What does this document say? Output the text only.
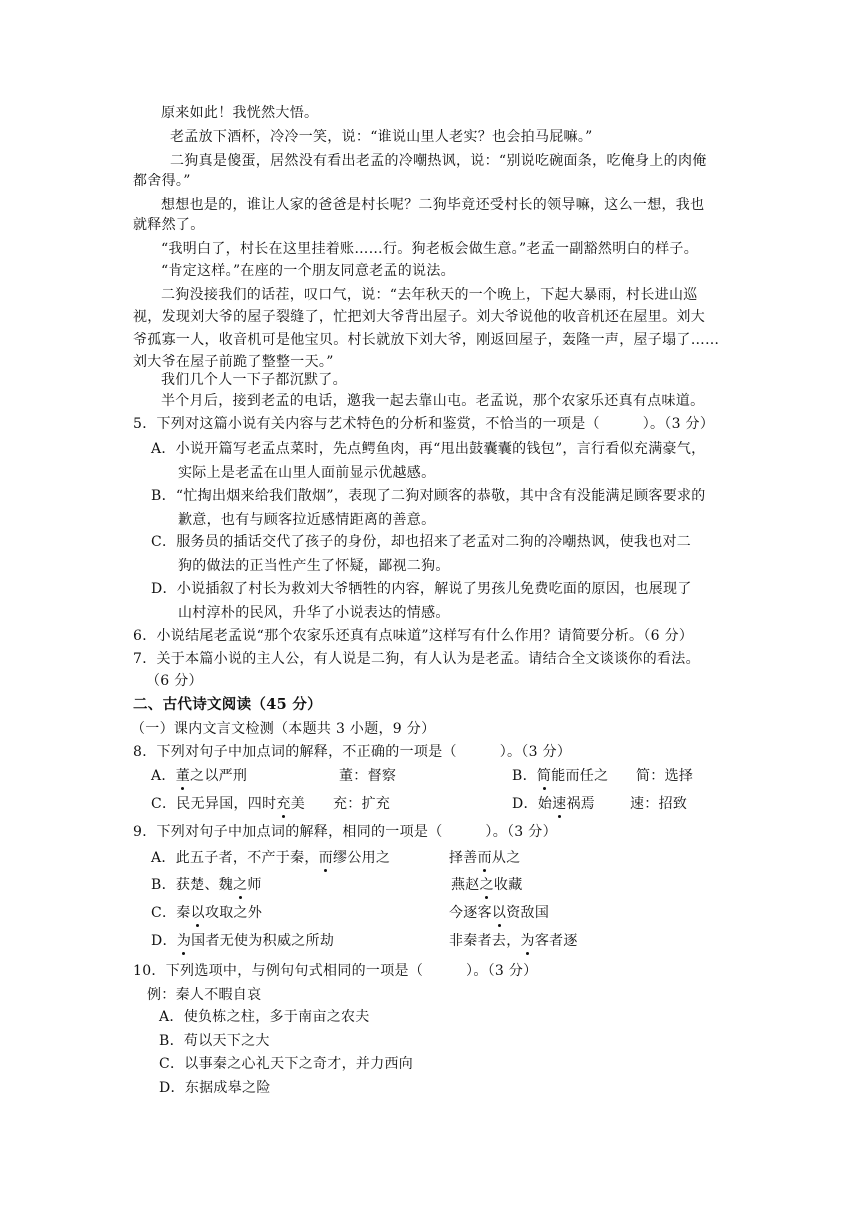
原来如此！我恍然大悟。
老孟放下酒杯，冷冷一笑，说：“谁说山里人老实？也会拍马屁嘛。”
二狗真是傻蛋，居然没有看出老孟的冷嘲热讽，说：“别说吃碗面条，吃俺身上的肉俺
都舍得。”
想想也是的，谁让人家的爸爸是村长呢？二狗毕竟还受村长的领导嘛，这么一想，我也
就释然了。
“我明白了，村长在这里挂着账……行。狗老板会做生意。”老孟一副豁然明白的样子。
“肯定这样。”在座的一个朋友同意老孟的说法。
二狗没接我们的话茬，叹口气，说：“去年秋天的一个晚上，下起大暴雨，村长进山巡
视，发现刘大爷的屋子裂缝了，忙把刘大爷背出屋子。刘大爷说他的收音机还在屋里。刘大
爷孤寡一人，收音机可是他宝贝。村长就放下刘大爷，刚返回屋子，轰隆一声，屋子塌了……
刘大爷在屋子前跪了整整一天。”
我们几个人一下子都沉默了。
半个月后，接到老孟的电话，邀我一起去靠山屯。老孟说，那个农家乐还真有点味道。
5．下列对这篇小说有关内容与艺术特色的分析和鉴赏，不恰当的一项是（　　　）。（3 分）
A．小说开篇写老孟点菜时，先点鳄鱼肉，再“甩出鼓囊囊的钱包”，言行看似充满豪气，
实际上是老孟在山里人面前显示优越感。
B．“忙掏出烟来给我们散烟”，表现了二狗对顾客的恭敬，其中含有没能满足顾客要求的
歉意，也有与顾客拉近感情距离的善意。
C．服务员的插话交代了孩子的身份，却也招来了老孟对二狗的冷嘲热讽，使我也对二
狗的做法的正当性产生了怀疑，鄙视二狗。
D．小说插叙了村长为救刘大爷牺牲的内容，解说了男孩儿免费吃面的原因，也展现了
山村淳朴的民风，升华了小说表达的情感。
6．小说结尾老孟说“那个农家乐还真有点味道”这样写有什么作用？请简要分析。（6 分）
7．关于本篇小说的主人公，有人说是二狗，有人认为是老孟。请结合全文谈谈你的看法。
（6 分）
二、古代诗文阅读（45 分）
（一）课内文言文检测（本题共 3 小题，9 分）
8．下列对句子中加点词的解释，不正确的一项是（　　　）。（3 分）
A．董之以严刑	董：督察	B．简能而任之 简：选择
C．民无异国，四时充美 充：扩充	D．始速祸焉 速：招致
9．下列对句子中加点词的解释，相同的一项是（　　　）。（3 分）
A．此五子者，不产于秦，而缪公用之	择善而从之
B．获楚、魏之师	燕赵之收藏
C．秦以攻取之外	今逐客以资敌国
D．为国者无使为积威之所劫	非秦者去，为客者逐
10．下列选项中，与例句句式相同的一项是（　　　）。（3 分）
例：秦人不暇自哀
A．使负栋之柱，多于南亩之农夫
B．苟以天下之大
C．以事秦之心礼天下之奇才，并力西向
D．东据成皋之险
